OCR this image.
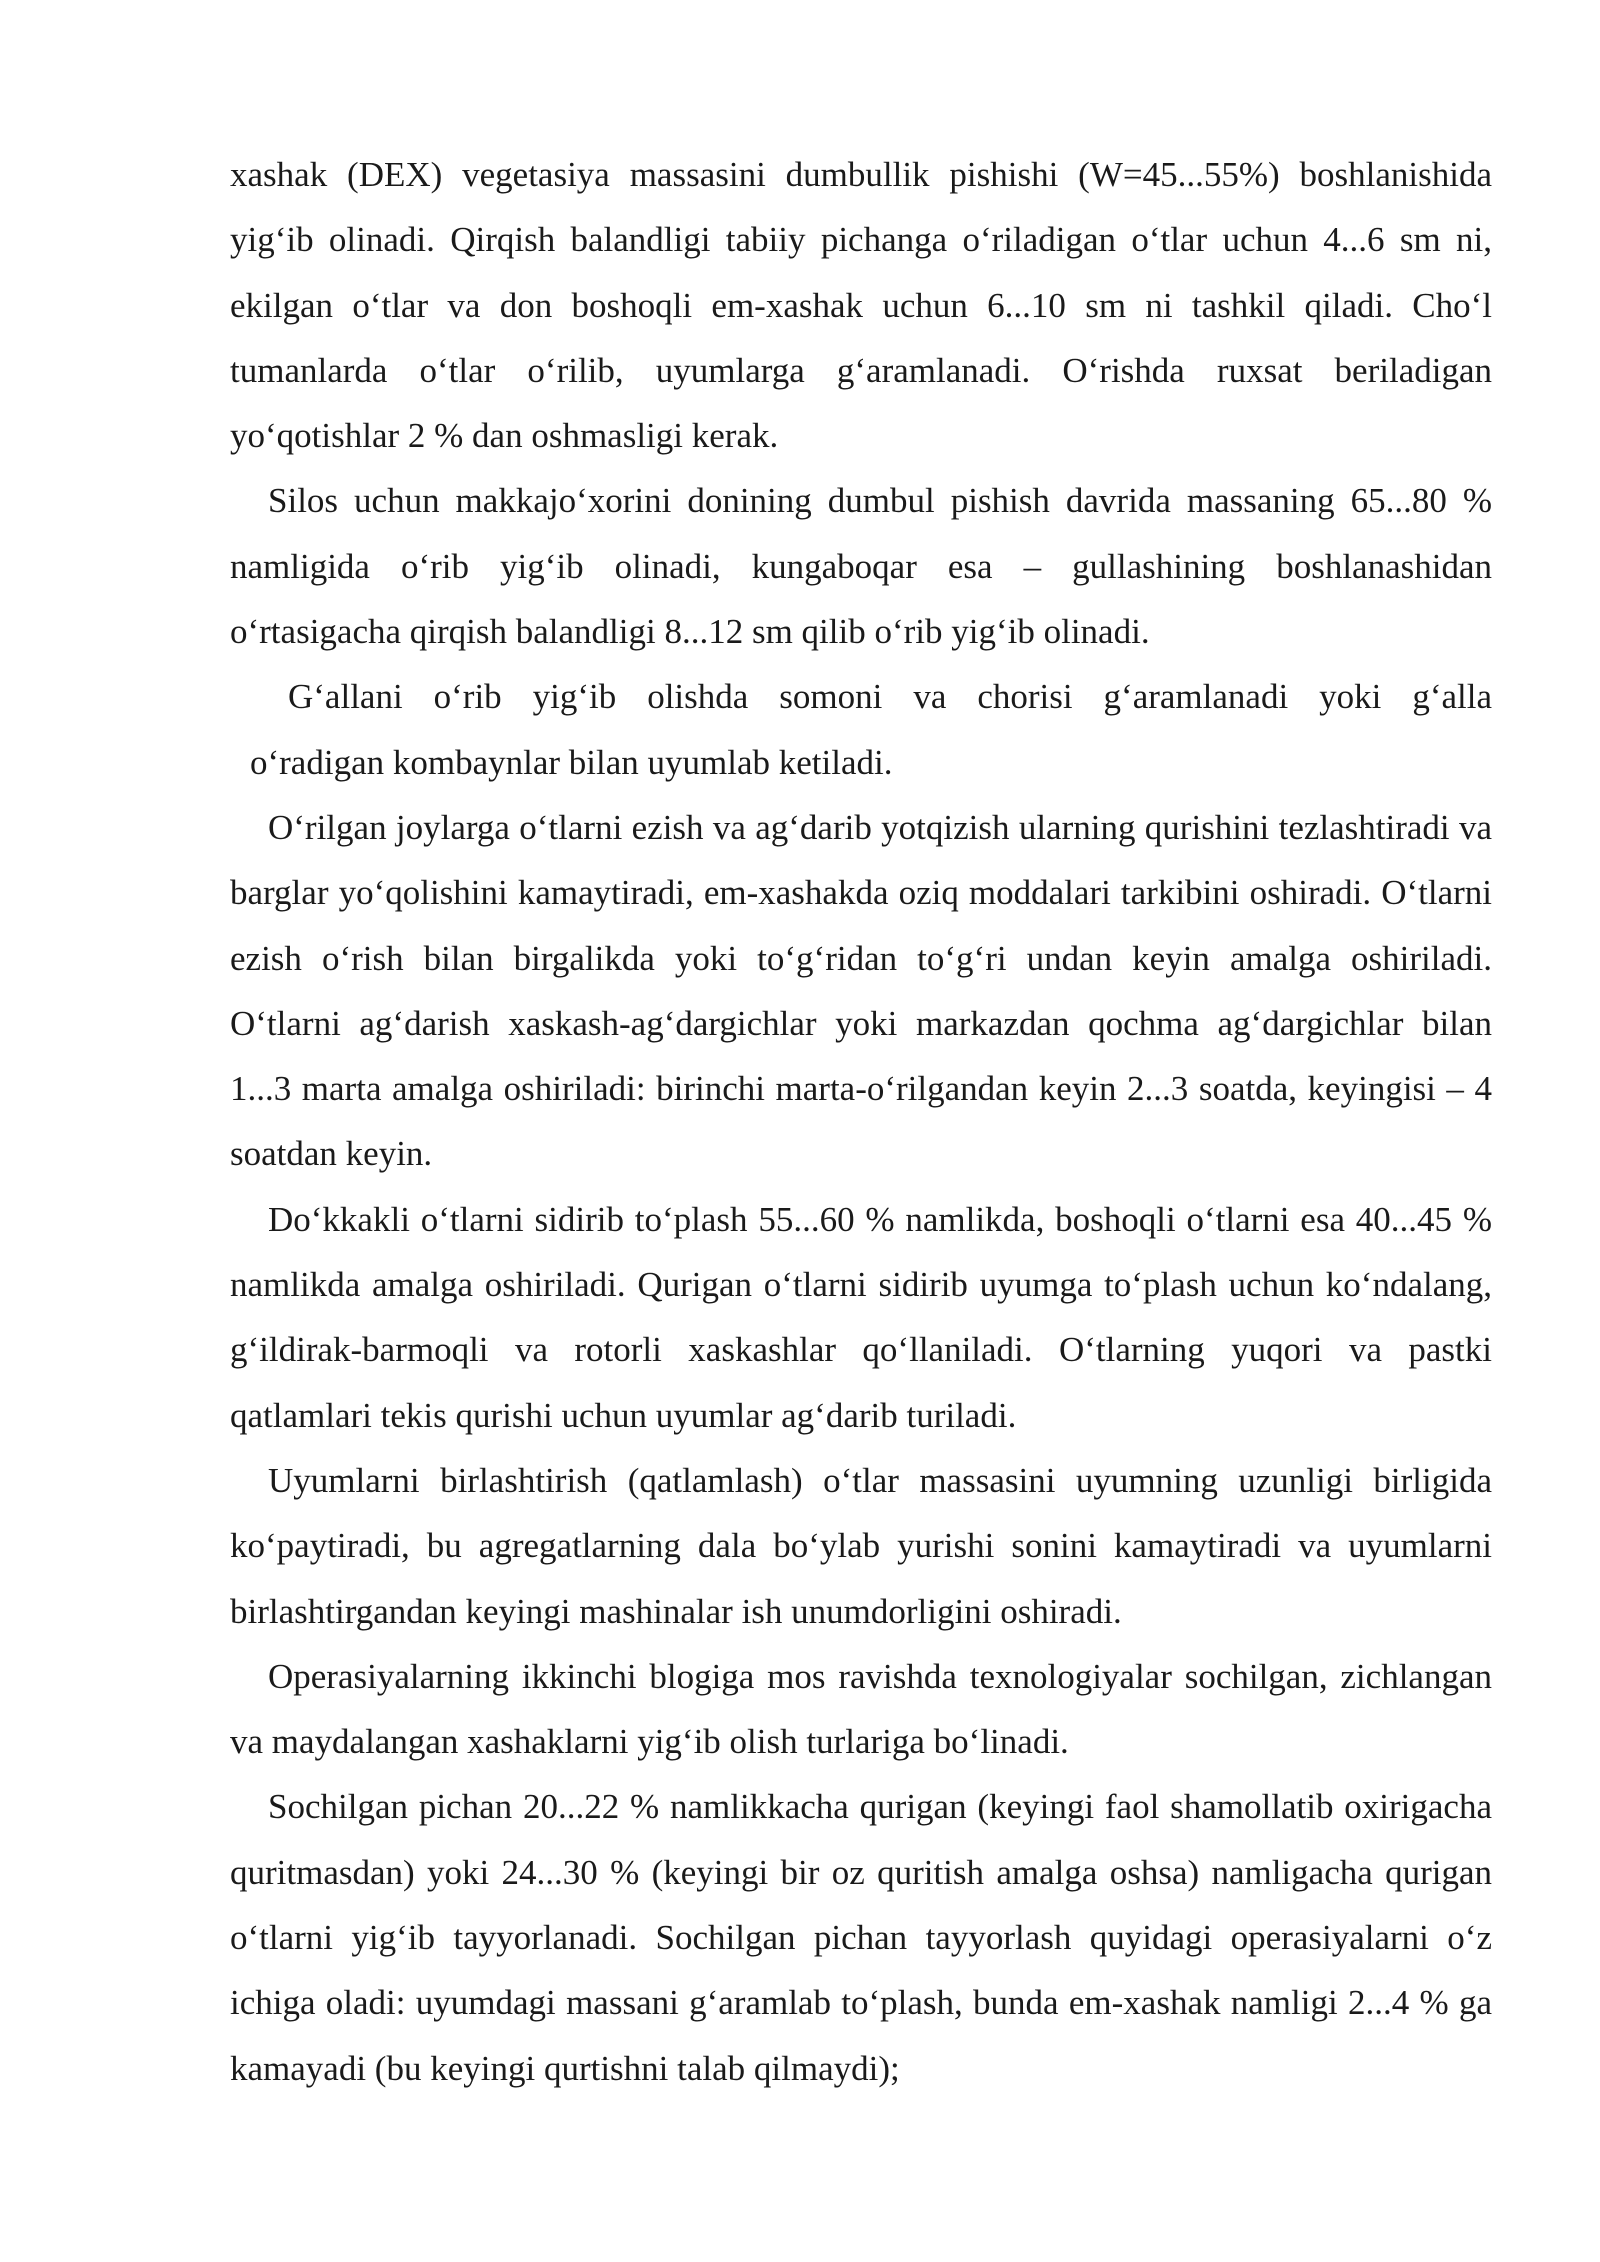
xashak (DEX) vegetasiya massasini dumbullik pishishi (W=45...55%) boshlanishida yig‘ib olinadi. Qirqish balandligi tabiiy pichanga o‘riladigan o‘tlar uchun 4...6 sm ni, ekilgan o‘tlar va don boshoqli em-xashak uchun 6...10 sm ni tashkil qiladi. Cho‘l tumanlarda o‘tlar o‘rilib, uyumlarga g‘aramlanadi. O‘rishda ruxsat beriladigan yo‘qotishlar 2 % dan oshmasligi kerak.

Silos uchun makkajo‘xorini donining dumbul pishish davrida massaning 65...80 % namligida o‘rib yig‘ib olinadi, kungaboqar esa – gullashining boshlanashidan o‘rtasigacha qirqish balandligi 8...12 sm qilib o‘rib yig‘ib olinadi.

G‘allani o‘rib yig‘ib olishda somoni va chorisi g‘aramlanadi yoki g‘alla

o‘radigan kombaynlar bilan uyumlab ketiladi.

O‘rilgan joylarga o‘tlarni ezish va ag‘darib yotqizish ularning qurishini tezlashtiradi va barglar yo‘qolishini kamaytiradi, em-xashakda oziq moddalari tarkibini oshiradi. O‘tlarni ezish o‘rish bilan birgalikda yoki to‘g‘ridan to‘g‘ri undan keyin amalga oshiriladi. O‘tlarni ag‘darish xaskash-ag‘dargichlar yoki markazdan qochma ag‘dargichlar bilan 1...3 marta amalga oshiriladi: birinchi marta-o‘rilgandan keyin 2...3 soatda, keyingisi – 4 soatdan keyin.

Do‘kkakli o‘tlarni sidirib to‘plash 55...60 % namlikda, boshoqli o‘tlarni esa 40...45 % namlikda amalga oshiriladi. Qurigan o‘tlarni sidirib uyumga to‘plash uchun ko‘ndalang, g‘ildirak-barmoqli va rotorli xaskashlar qo‘llaniladi. O‘tlarning yuqori va pastki qatlamlari tekis qurishi uchun uyumlar ag‘darib turiladi.

Uyumlarni birlashtirish (qatlamlash) o‘tlar massasini uyumning uzunligi birligida ko‘paytiradi, bu agregatlarning dala bo‘ylab yurishi sonini kamaytiradi va uyumlarni birlashtirgandan keyingi mashinalar ish unumdorligini oshiradi.

Operasiyalarning ikkinchi blogiga mos ravishda texnologiyalar sochilgan, zichlangan va maydalangan xashaklarni yig‘ib olish turlariga bo‘linadi.

Sochilgan pichan 20...22 % namlikkacha qurigan (keyingi faol shamollatib oxirigacha quritmasdan) yoki 24...30 % (keyingi bir oz quritish amalga oshsa) namligacha qurigan o‘tlarni yig‘ib tayyorlanadi. Sochilgan pichan tayyorlash quyidagi operasiyalarni o‘z ichiga oladi: uyumdagi massani g‘aramlab to‘plash, bunda em-xashak namligi 2...4 % ga kamayadi (bu keyingi qurtishni talab qilmaydi);
